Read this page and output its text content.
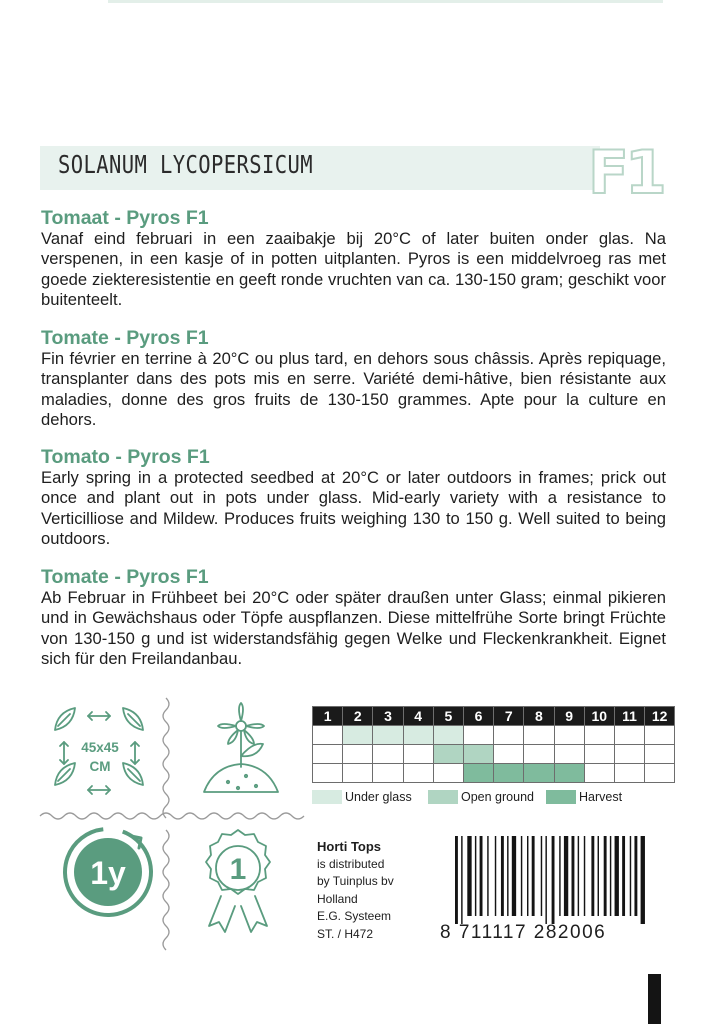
SOLANUM LYCOPERSICUM	F1
Tomaat - Pyros F1

Vanaf eind februari in een zaaibakje bij 20°C of later buiten onder glas. Na verspenen, in een kasje of in potten uitplanten. Pyros is een middelvroeg ras met goede ziekteresistentie en geeft ronde vruchten van ca. 130-150 gram; geschikt voor buitenteelt.

Tomate - Pyros F1

Fin février en terrine à 20°C ou plus tard, en dehors sous châssis. Après repiquage, transplanter dans des pots mis en serre. Variété demi-hâtive, bien résistante aux maladies, donne des gros fruits de 130-150 grammes. Apte pour la culture en dehors.

Tomato - Pyros F1

Early spring in a protected seedbed at 20°C or later outdoors in frames; prick out once and plant out in pots under glass. Mid-early variety with a resistance to Verticilliose and Mildew. Produces fruits weighing 130 to 150 g. Well suited to being outdoors.

Tomate - Pyros F1

Ab Februar in Frühbeet bei 20°C oder später draußen unter Glass; einmal pikieren und in Gewächshaus oder Töpfe auspflanzen. Diese mittelfrühe Sorte bringt Früchte von 130-150 g und ist widerstandsfähig gegen Welke und Fleckenkrankheit. Eignet sich für den Freilandanbau.

45x45
CM
1y	1
1	2	3	4	5	6	7	8	9	10	11	12

Under glass	Open ground	Harvest
Horti Tops
is distributed
by Tuinplus bv
Holland
E.G. Systeem
ST. / H472	8 711117 282006
